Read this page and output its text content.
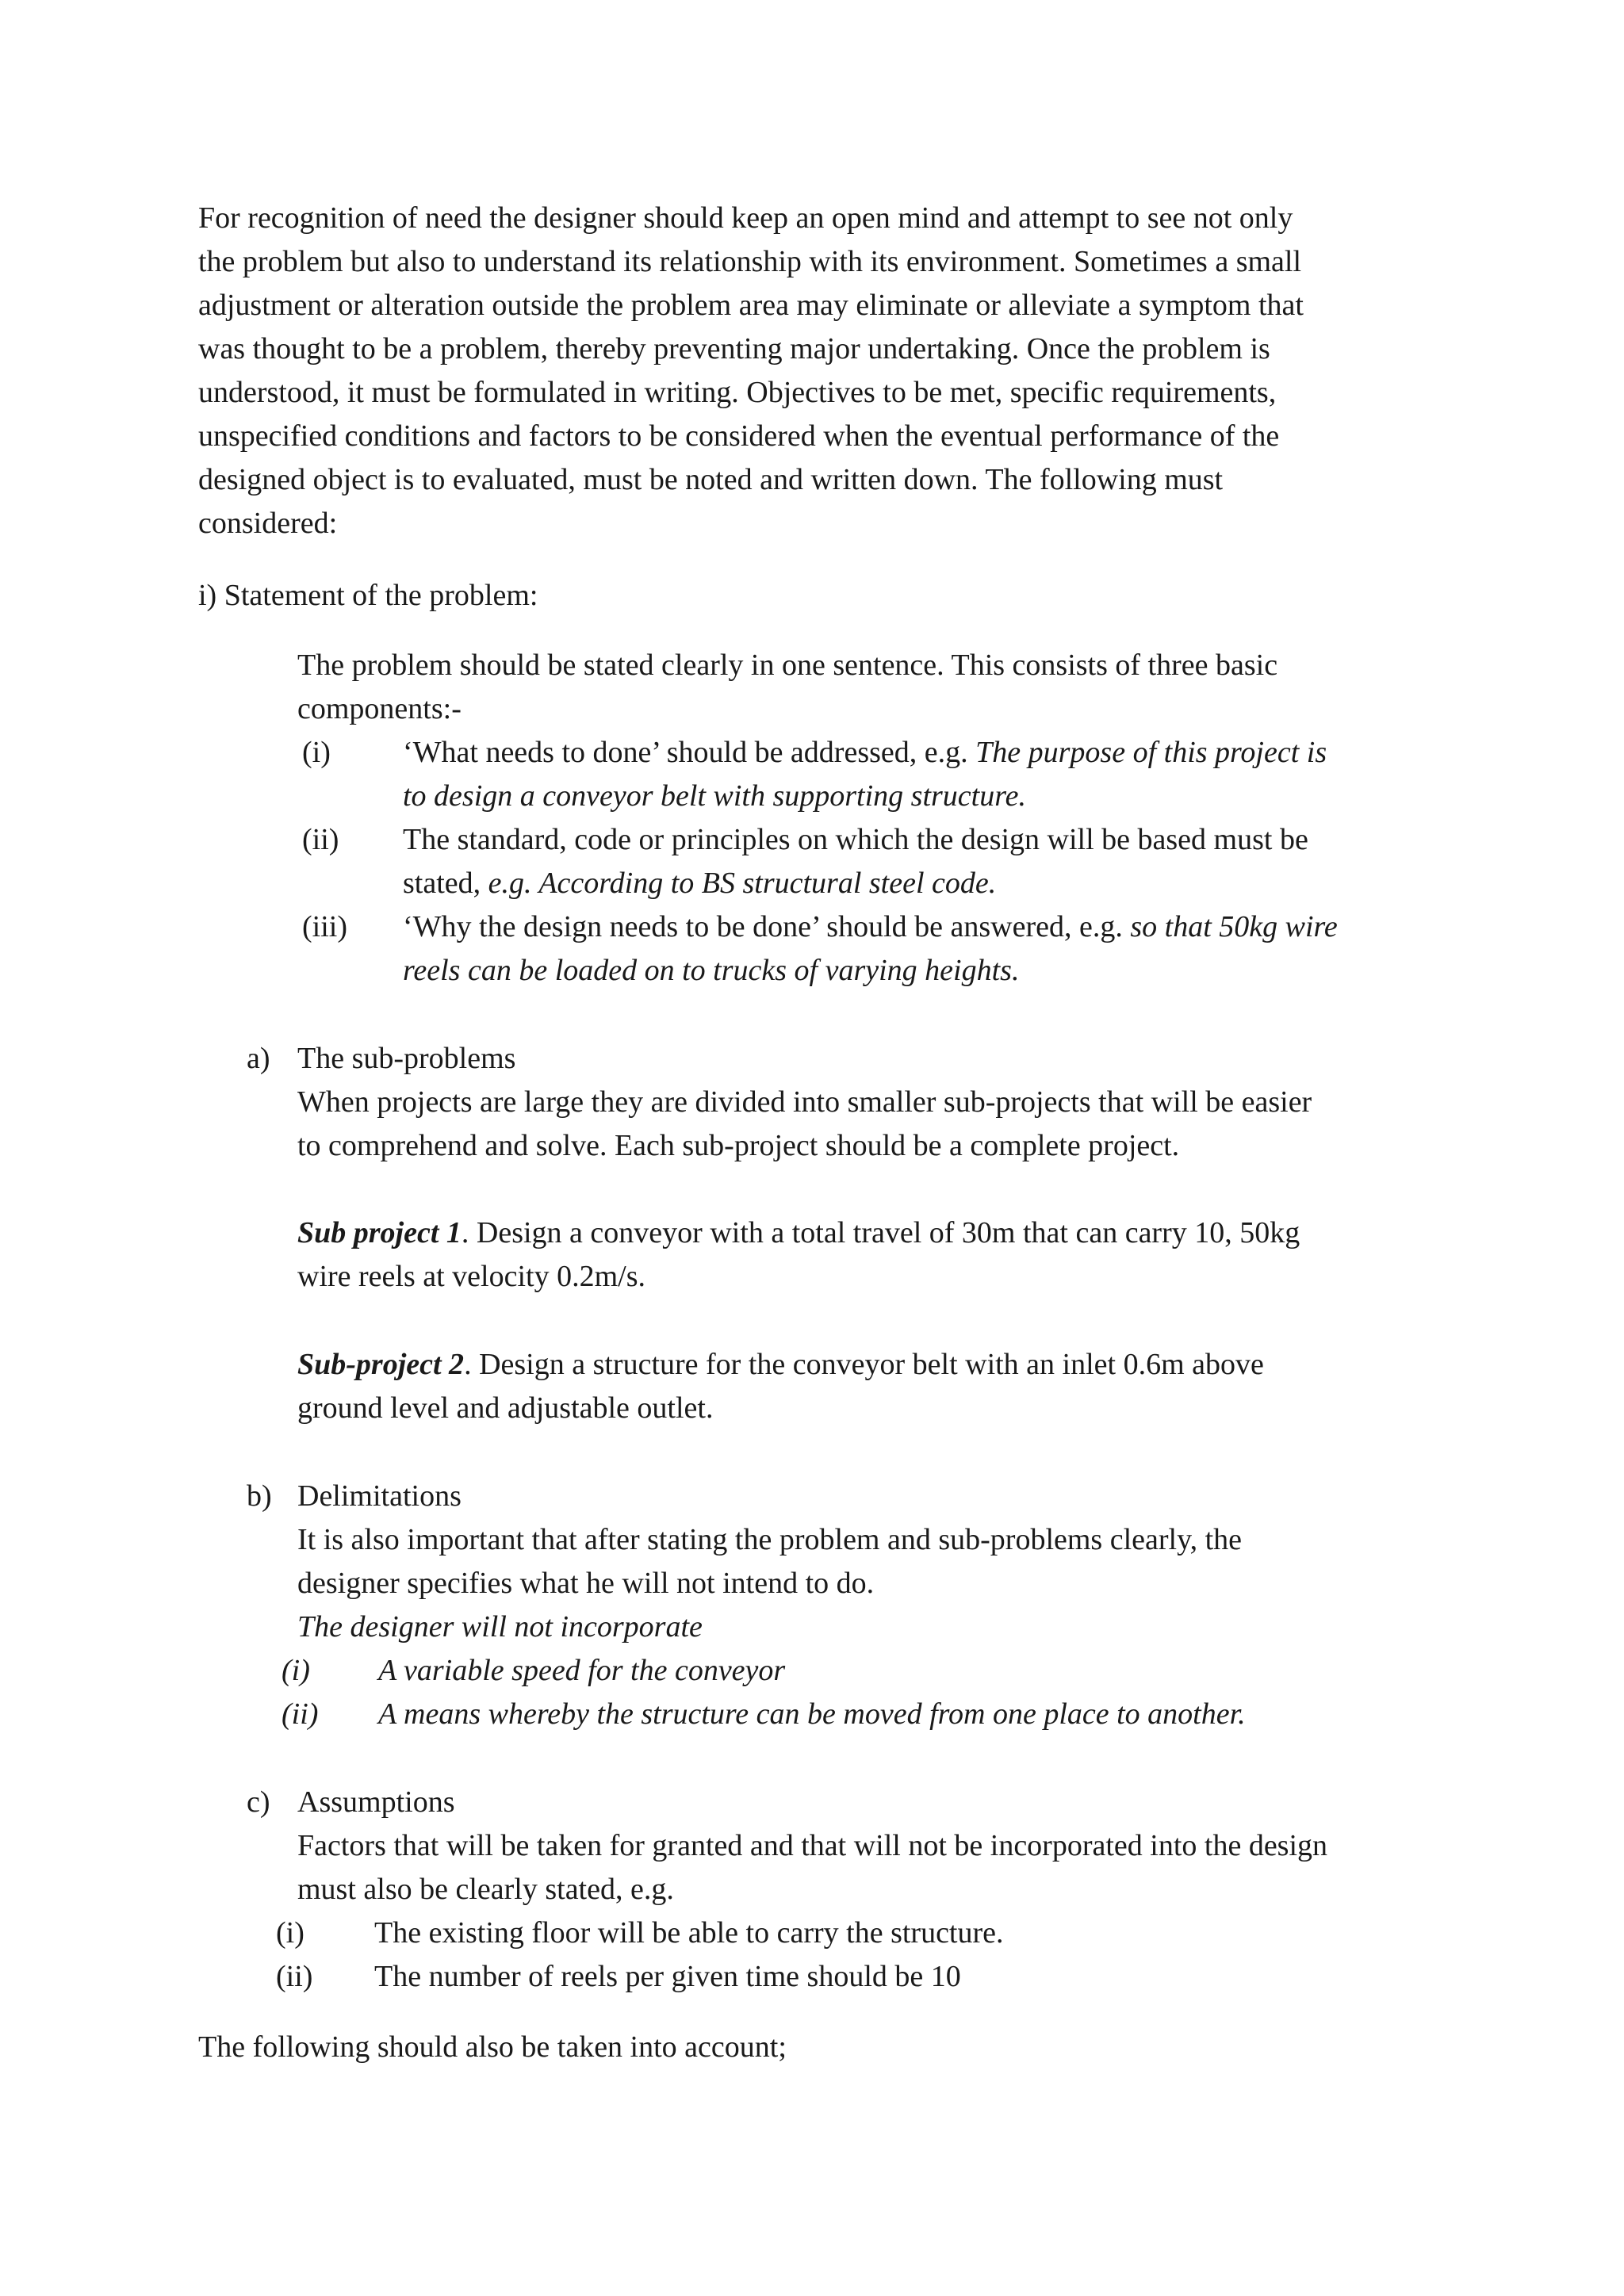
For recognition of need the designer should keep an open mind and attempt to see not only
the problem but also to understand its relationship with its environment. Sometimes a small
adjustment or alteration outside the problem area may eliminate or alleviate a symptom that
was thought to be a problem, thereby preventing major undertaking. Once the problem is
understood, it must be formulated in writing. Objectives to be met, specific requirements,
unspecified conditions and factors to be considered when the eventual performance of the
designed object is to evaluated, must be noted and written down. The following must
considered:
i) Statement of the problem:
The problem should be stated clearly in one sentence. This consists of three basic
components:-
(i) ‘What needs to done’ should be addressed, e.g. The purpose of this project is
to design a conveyor belt with supporting structure.
(ii) The standard, code or principles on which the design will be based must be
stated, e.g. According to BS structural steel code.
(iii) ‘Why the design needs to be done’ should be answered, e.g. so that 50kg wire
reels can be loaded on to trucks of varying heights.
a) The sub-problems
When projects are large they are divided into smaller sub-projects that will be easier
to comprehend and solve. Each sub-project should be a complete project.
Sub project 1. Design a conveyor with a total travel of 30m that can carry 10, 50kg
wire reels at velocity 0.2m/s.
Sub-project 2. Design a structure for the conveyor belt with an inlet 0.6m above
ground level and adjustable outlet.
b) Delimitations
It is also important that after stating the problem and sub-problems clearly, the
designer specifies what he will not intend to do.
The designer will not incorporate
(i) A variable speed for the conveyor
(ii) A means whereby the structure can be moved from one place to another.
c) Assumptions
Factors that will be taken for granted and that will not be incorporated into the design
must also be clearly stated, e.g.
(i) The existing floor will be able to carry the structure.
(ii) The number of reels per given time should be 10
The following should also be taken into account;
